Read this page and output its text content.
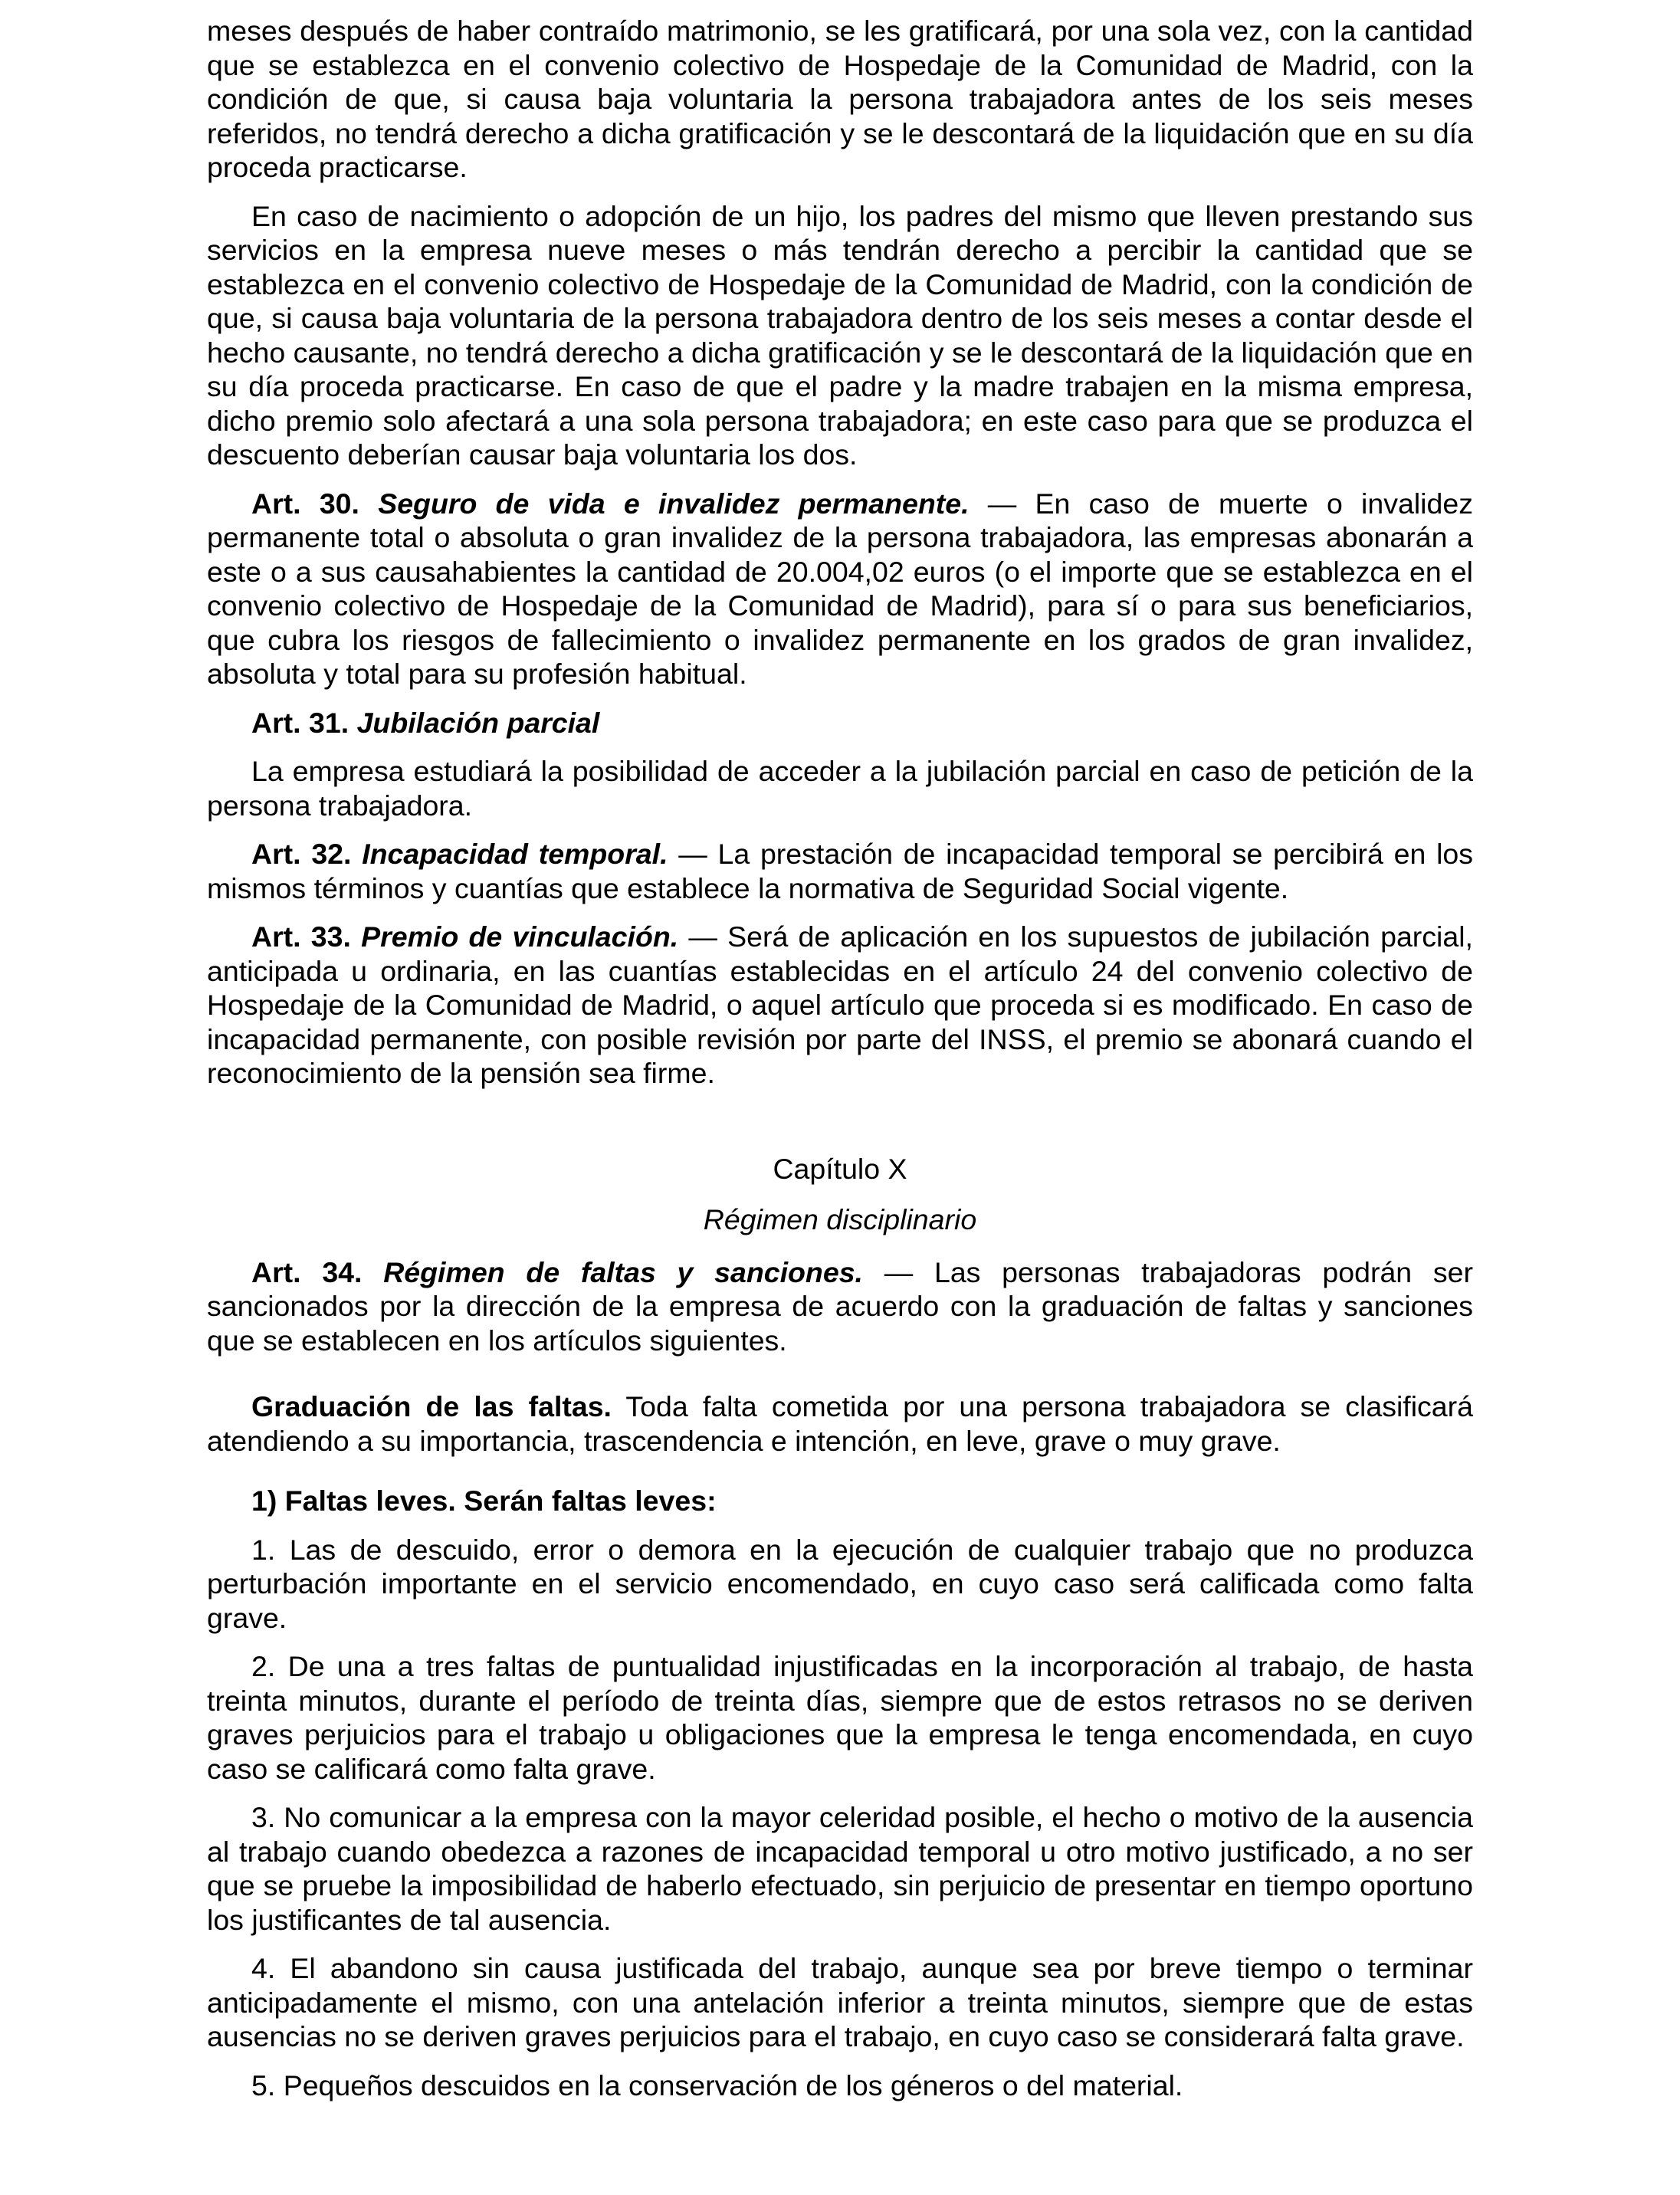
meses después de haber contraído matrimonio, se les gratificará, por una sola vez, con la cantidad que se establezca en el convenio colectivo de Hospedaje de la Comunidad de Madrid, con la condición de que, si causa baja voluntaria la persona trabajadora antes de los seis meses referidos, no tendrá derecho a dicha gratificación y se le descontará de la liquidación que en su día proceda practicarse.

En caso de nacimiento o adopción de un hijo, los padres del mismo que lleven prestando sus servicios en la empresa nueve meses o más tendrán derecho a percibir la cantidad que se establezca en el convenio colectivo de Hospedaje de la Comunidad de Madrid, con la condición de que, si causa baja voluntaria de la persona trabajadora dentro de los seis meses a contar desde el hecho causante, no tendrá derecho a dicha gratificación y se le descontará de la liquidación que en su día proceda practicarse. En caso de que el padre y la madre trabajen en la misma empresa, dicho premio solo afectará a una sola persona trabajadora; en este caso para que se produzca el descuento deberían causar baja voluntaria los dos.

Art. 30. Seguro de vida e invalidez permanente. — En caso de muerte o invalidez permanente total o absoluta o gran invalidez de la persona trabajadora, las empresas abonarán a este o a sus causahabientes la cantidad de 20.004,02 euros (o el importe que se establezca en el convenio colectivo de Hospedaje de la Comunidad de Madrid), para sí o para sus beneficiarios, que cubra los riesgos de fallecimiento o invalidez permanente en los grados de gran invalidez, absoluta y total para su profesión habitual.

Art. 31. Jubilación parcial

La empresa estudiará la posibilidad de acceder a la jubilación parcial en caso de petición de la persona trabajadora.

Art. 32. Incapacidad temporal. — La prestación de incapacidad temporal se percibirá en los mismos términos y cuantías que establece la normativa de Seguridad Social vigente.

Art. 33. Premio de vinculación. — Será de aplicación en los supuestos de jubilación parcial, anticipada u ordinaria, en las cuantías establecidas en el artículo 24 del convenio colectivo de Hospedaje de la Comunidad de Madrid, o aquel artículo que proceda si es modificado. En caso de incapacidad permanente, con posible revisión por parte del INSS, el premio se abonará cuando el reconocimiento de la pensión sea firme.

Capítulo X

Régimen disciplinario

Art. 34. Régimen de faltas y sanciones. — Las personas trabajadoras podrán ser sancionados por la dirección de la empresa de acuerdo con la graduación de faltas y sanciones que se establecen en los artículos siguientes.

Graduación de las faltas. Toda falta cometida por una persona trabajadora se clasificará atendiendo a su importancia, trascendencia e intención, en leve, grave o muy grave.

1) Faltas leves. Serán faltas leves:

1. Las de descuido, error o demora en la ejecución de cualquier trabajo que no produzca perturbación importante en el servicio encomendado, en cuyo caso será calificada como falta grave.

2. De una a tres faltas de puntualidad injustificadas en la incorporación al trabajo, de hasta treinta minutos, durante el período de treinta días, siempre que de estos retrasos no se deriven graves perjuicios para el trabajo u obligaciones que la empresa le tenga encomendada, en cuyo caso se calificará como falta grave.

3. No comunicar a la empresa con la mayor celeridad posible, el hecho o motivo de la ausencia al trabajo cuando obedezca a razones de incapacidad temporal u otro motivo justificado, a no ser que se pruebe la imposibilidad de haberlo efectuado, sin perjuicio de presentar en tiempo oportuno los justificantes de tal ausencia.

4. El abandono sin causa justificada del trabajo, aunque sea por breve tiempo o terminar anticipadamente el mismo, con una antelación inferior a treinta minutos, siempre que de estas ausencias no se deriven graves perjuicios para el trabajo, en cuyo caso se considerará falta grave.

5. Pequeños descuidos en la conservación de los géneros o del material.
